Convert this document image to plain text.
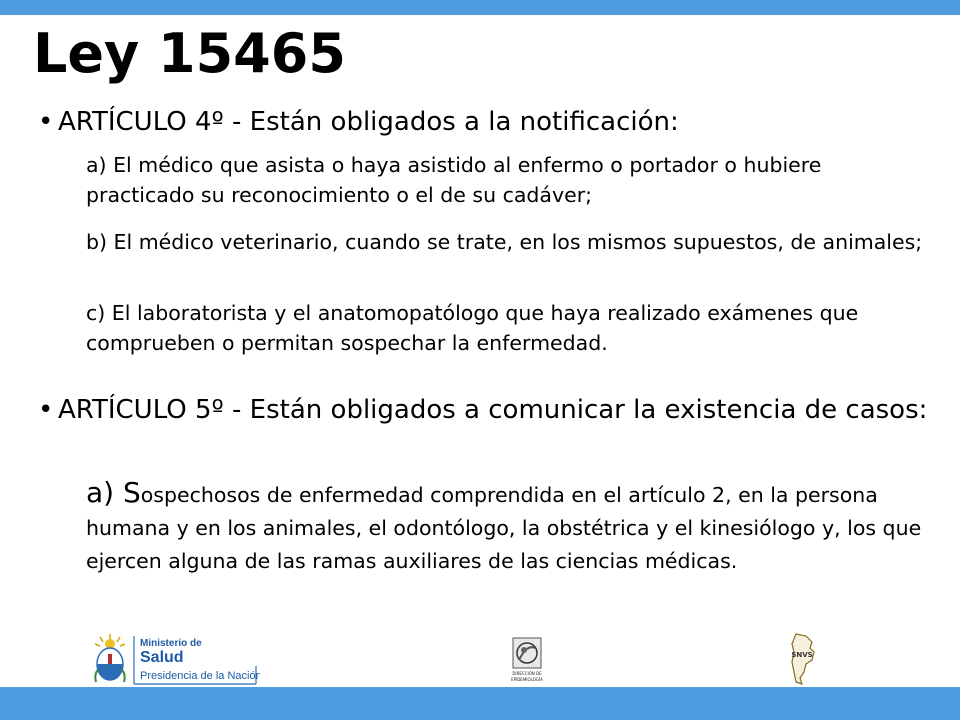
Ley 15465

• ARTÍCULO 4º - Están obligados a la notificación:

a) El médico que asista o haya asistido al enfermo o portador o hubiere practicado su reconocimiento o el de su cadáver;

b) El médico veterinario, cuando se trate, en los mismos supuestos, de animales;

c) El laboratorista y el anatomopatólogo que haya realizado exámenes que comprueben o permitan sospechar la enfermedad.

• ARTÍCULO 5º - Están obligados a comunicar la existencia de casos:

a) Sospechosos de enfermedad comprendida en el artículo 2, en la persona humana y en los animales, el odontólogo, la obstétrica y el kinesiólogo y, los que ejercen alguna de las ramas auxiliares de las ciencias médicas.

Ministerio de
Salud
Presidencia de la Nación	DIRECCIÓN DE
EPIDEMIOLOGÍA
SNVS
